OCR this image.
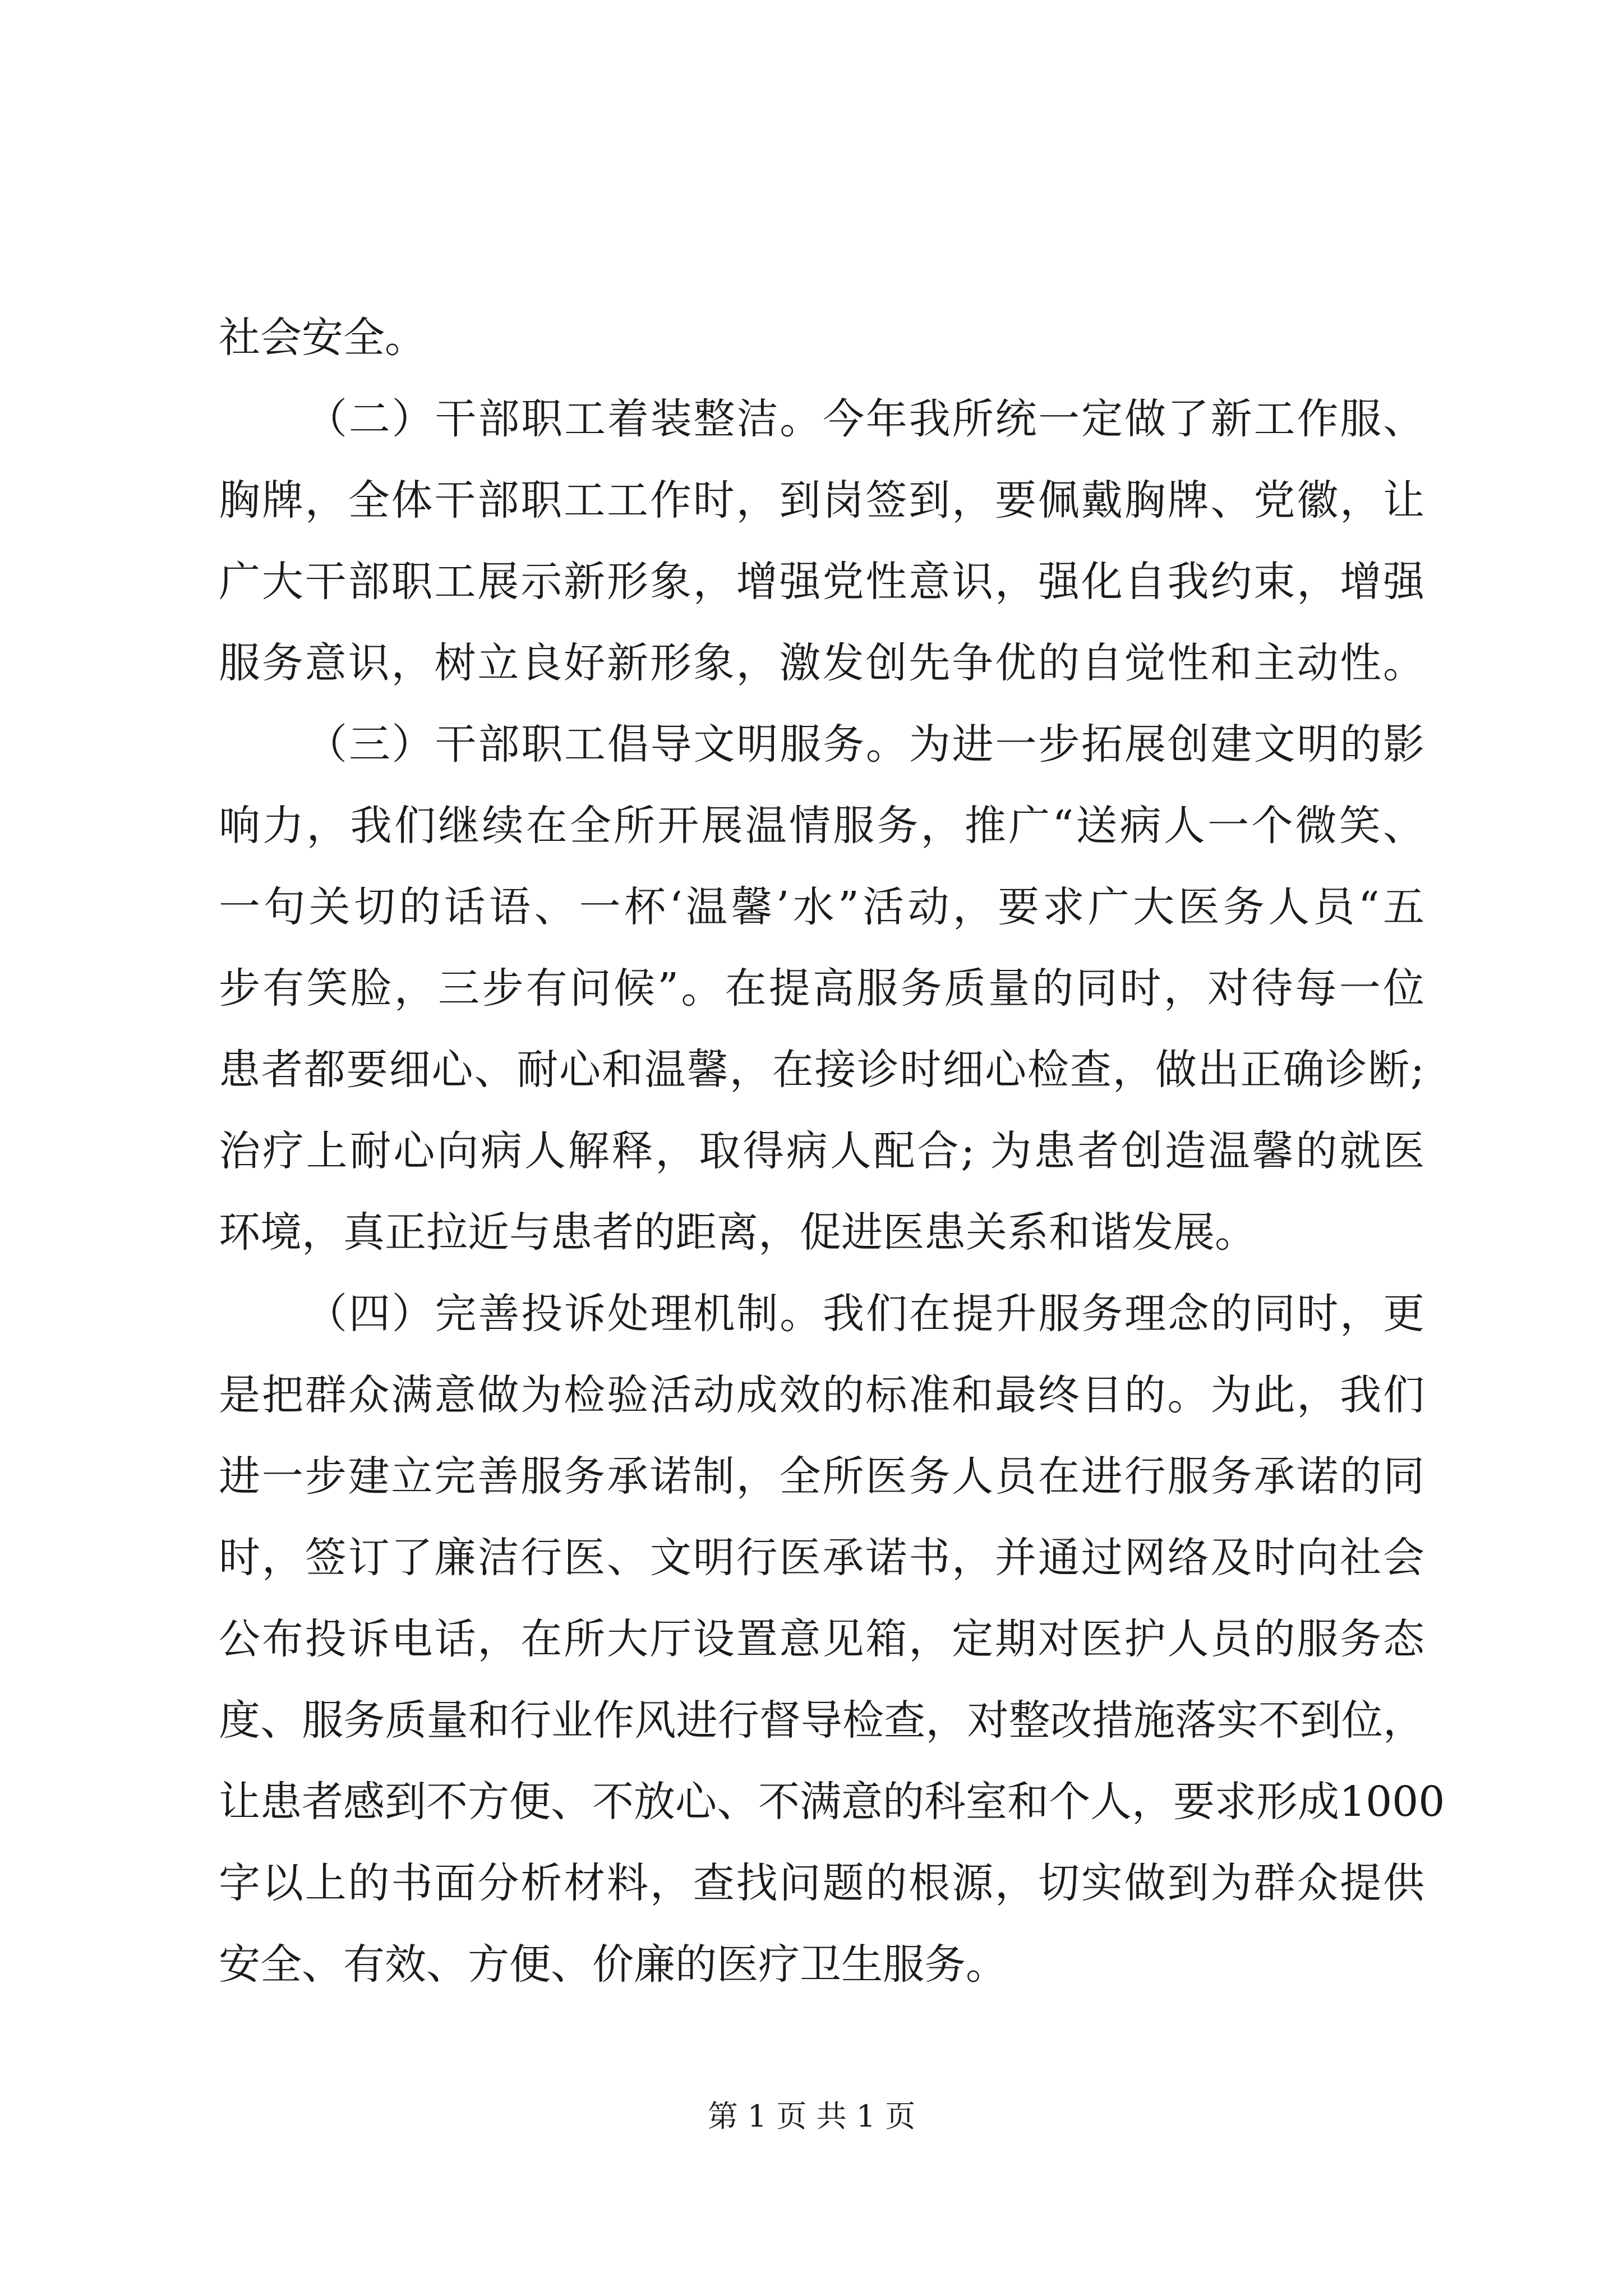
社会安全。
（二）干部职工着装整洁。今年我所统一定做了新工作服、
胸牌，全体干部职工工作时，到岗签到，要佩戴胸牌、党徽，让
广大干部职工展示新形象，增强党性意识，强化自我约束，增强
服务意识，树立良好新形象，激发创先争优的自觉性和主动性。
（三）干部职工倡导文明服务。为进一步拓展创建文明的影
响力，我们继续在全所开展温情服务，推广“送病人一个微笑、
一句关切的话语、一杯‘温馨’水”活动，要求广大医务人员“五
步有笑脸，三步有问候”。在提高服务质量的同时，对待每一位
患者都要细心、耐心和温馨，在接诊时细心检查，做出正确诊断;
治疗上耐心向病人解释，取得病人配合; 为患者创造温馨的就医
环境，真正拉近与患者的距离，促进医患关系和谐发展。
（四）完善投诉处理机制。我们在提升服务理念的同时，更
是把群众满意做为检验活动成效的标准和最终目的。为此，我们
进一步建立完善服务承诺制，全所医务人员在进行服务承诺的同
时，签订了廉洁行医、文明行医承诺书，并通过网络及时向社会
公布投诉电话，在所大厅设置意见箱，定期对医护人员的服务态
度、服务质量和行业作风进行督导检查，对整改措施落实不到位，
让患者感到不方便、不放心、不满意的科室和个人，要求形成1000
字以上的书面分析材料，查找问题的根源，切实做到为群众提供
安全、有效、方便、价廉的医疗卫生服务。
第 1 页 共 1 页
